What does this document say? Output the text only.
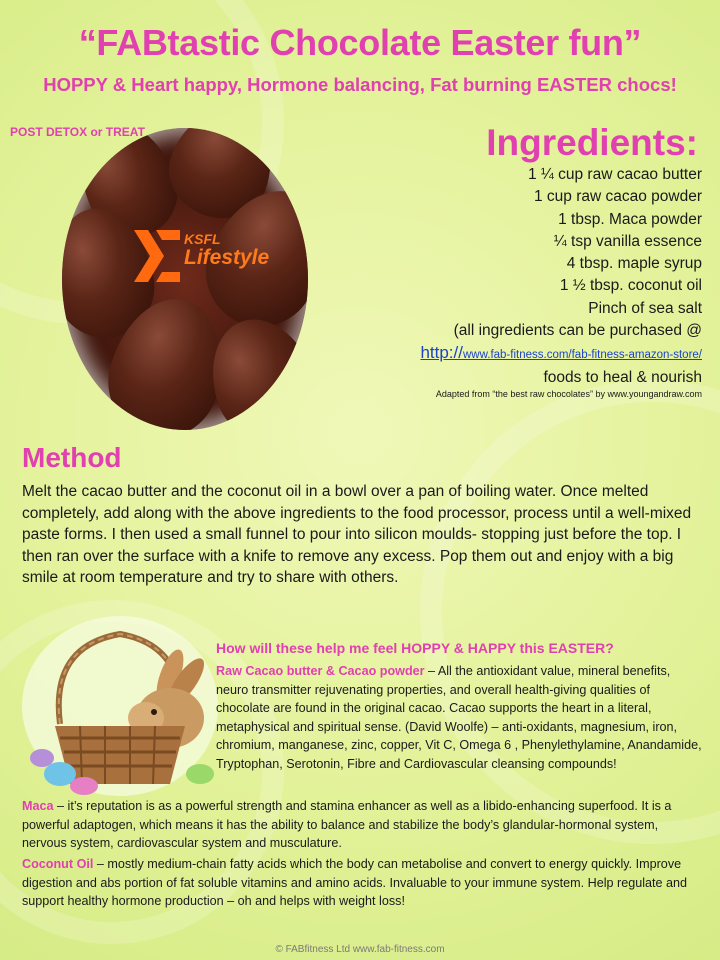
“FABtastic Chocolate Easter fun”
HOPPY & Heart happy, Hormone balancing, Fat burning EASTER chocs!
KSFL
Lifestyle
POST DETOX or TREAT	Ingredients:
1 ¼ cup raw cacao butter
1 cup raw cacao powder
1 tbsp. Maca powder
¼ tsp vanilla essence
4 tbsp. maple syrup
1 ½ tbsp. coconut oil
Pinch of sea salt
(all ingredients can be purchased @
http://www.fab-fitness.com/fab-fitness-amazon-store/
foods to heal & nourish
Adapted from “the best raw chocolates” by www.youngandraw.com
Method
Melt the cacao butter and the coconut oil in a bowl over a pan of boiling water. Once melted completely, add along with the above ingredients to the food processor, process until a well-mixed paste forms. I then used a small funnel to pour into silicon moulds- stopping just before the top. I then ran over the surface with a knife to remove any excess. Pop them out and enjoy with a big smile at room temperature and try to share with others.
How will these help me feel HOPPY & HAPPY this EASTER?
Raw Cacao butter & Cacao powder – All the antioxidant value, mineral benefits, neuro transmitter rejuvenating properties, and overall health-giving qualities of chocolate are found in the original cacao. Cacao supports the heart in a literal, metaphysical and spiritual sense. (David Woolfe) – anti-oxidants, magnesium, iron, chromium, manganese, zinc, copper, Vit C, Omega 6 , Phenylethylamine, Anandamide, Tryptophan, Serotonin, Fibre and Cardiovascular cleansing compounds!
Maca – it’s reputation is as a powerful strength and stamina enhancer as well as a libido-enhancing superfood. It is a powerful adaptogen, which means it has the ability to balance and stabilize the body’s glandular-hormonal system, nervous system, cardiovascular system and musculature.
Coconut Oil – mostly medium-chain fatty acids which the body can metabolise and convert to energy quickly. Improve digestion and abs portion of fat soluble vitamins and amino acids. Invaluable to your immune system. Help regulate and support healthy hormone production – oh and helps with weight loss!
© FABfitness Ltd www.fab-fitness.com
